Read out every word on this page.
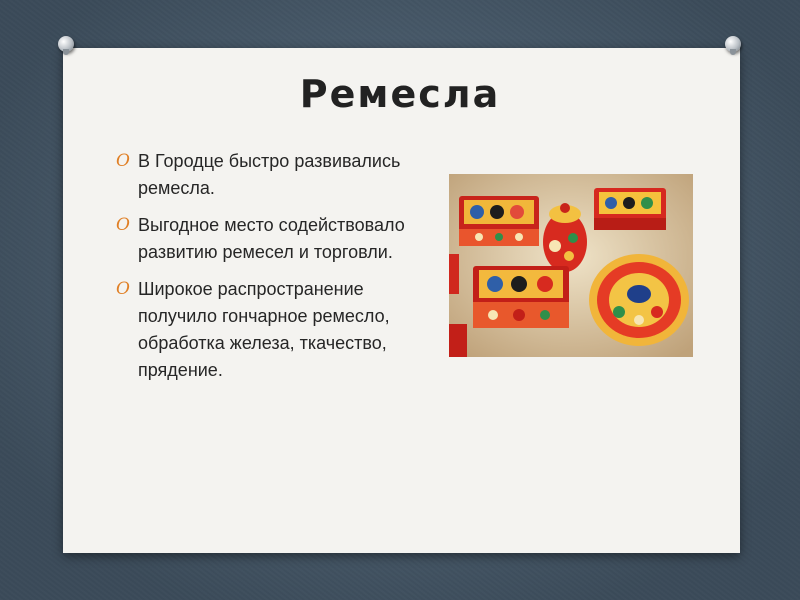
Ремесла
O В Городце быстро развивались ремесла.
O Выгодное место содействовало развитию ремесел и торговли.
O Широкое распространение получило гончарное ремесло, обработка железа, ткачество, прядение.
